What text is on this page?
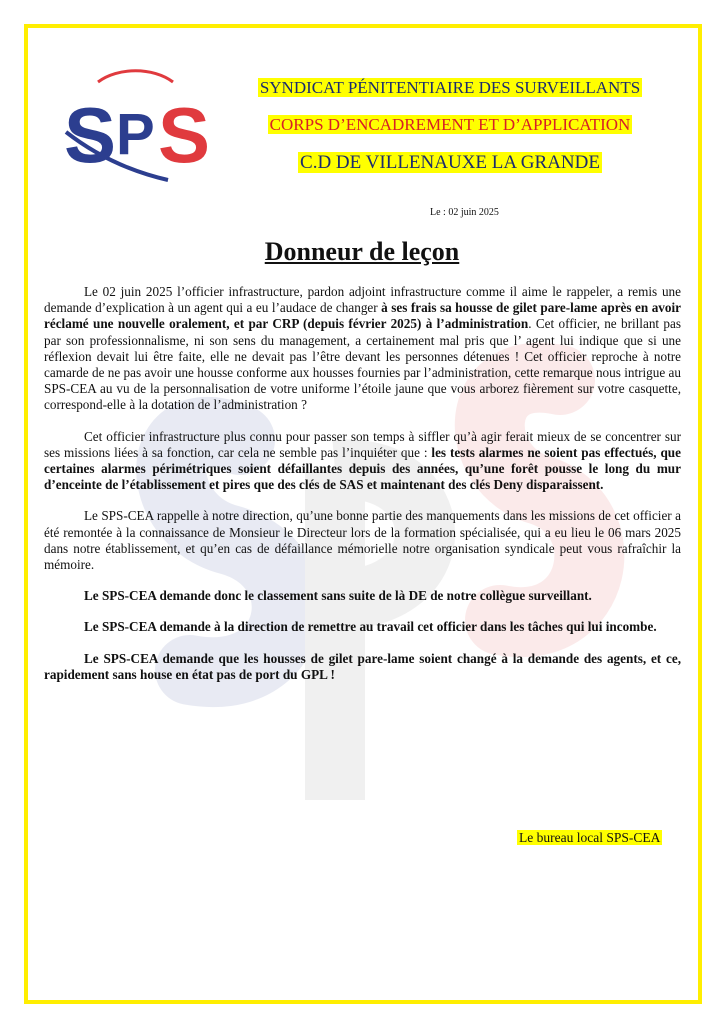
S P S
SYNDICAT PÉNITENTIAIRE DES SURVEILLANTS
CORPS D’ENCADREMENT ET D’APPLICATION
C.D DE VILLENAUXE LA GRANDE
Le : 02 juin 2025
Donneur de leçon

Le 02 juin 2025 l’officier infrastructure, pardon adjoint infrastructure comme il aime le rappeler, a remis une demande d’explication à un agent qui a eu l’audace de changer à ses frais sa housse de gilet pare-lame après en avoir réclamé une nouvelle oralement, et par CRP (depuis février 2025) à l’administration. Cet officier, ne brillant pas par son professionnalisme, ni son sens du management, a certainement mal pris que l’ agent lui indique que si une réflexion devait lui être faite, elle ne devait pas l’être devant les personnes détenues ! Cet officier reproche à notre camarde de ne pas avoir une housse conforme aux housses fournies par l’administration, cette remarque nous intrigue au SPS-CEA au vu de la personnalisation de votre uniforme l’étoile jaune que vous arborez fièrement sur votre casquette, correspond-elle à la dotation de l’administration ?

Cet officier infrastructure plus connu pour passer son temps à siffler qu’à agir ferait mieux de se concentrer sur ses missions liées à sa fonction, car cela ne semble pas l’inquiéter que : les tests alarmes ne soient pas effectués, que certaines alarmes périmétriques soient défaillantes depuis des années, qu’une forêt pousse le long du mur d’enceinte de l’établissement et pires que des clés de SAS et maintenant des clés Deny disparaissent.

Le SPS-CEA rappelle à notre direction, qu’une bonne partie des manquements dans les missions de cet officier a été remontée à la connaissance de Monsieur le Directeur lors de la formation spécialisée, qui a eu lieu le 06 mars 2025 dans notre établissement, et qu’en cas de défaillance mémorielle notre organisation syndicale peut vous rafraîchir la mémoire.

Le SPS-CEA demande donc le classement sans suite de là DE de notre collègue surveillant.

Le SPS-CEA demande à la direction de remettre au travail cet officier dans les tâches qui lui incombe.

Le SPS-CEA demande que les housses de gilet pare-lame soient changé à la demande des agents, et ce, rapidement sans house en état pas de port du GPL !

Le bureau local SPS-CEA
